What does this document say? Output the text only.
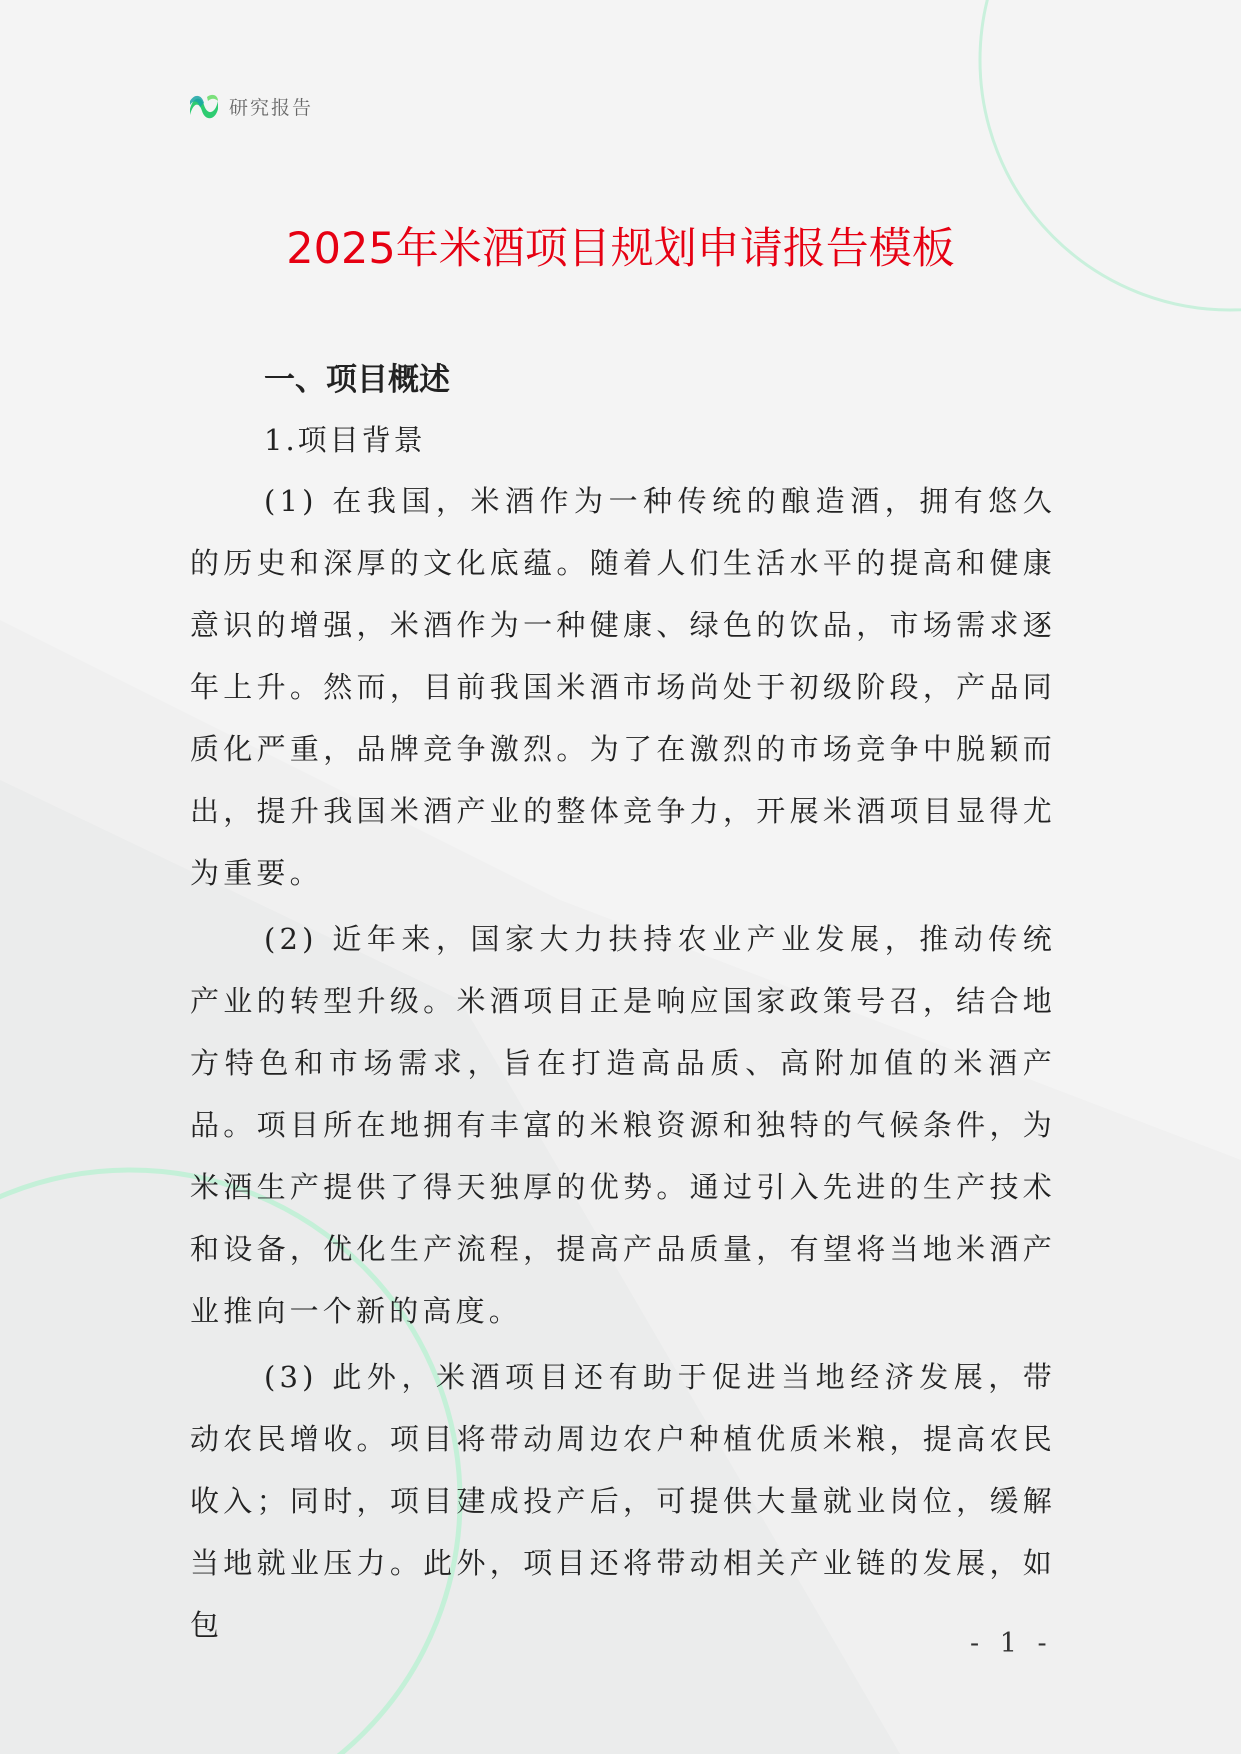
研究报告
2025年米酒项目规划申请报告模板
一、项目概述
1.项目背景

(1) 在我国，米酒作为一种传统的酿造酒，拥有悠久的历史和深厚的文化底蕴。随着人们生活水平的提高和健康意识的增强，米酒作为一种健康、绿色的饮品，市场需求逐年上升。然而，目前我国米酒市场尚处于初级阶段，产品同质化严重，品牌竞争激烈。为了在激烈的市场竞争中脱颖而出，提升我国米酒产业的整体竞争力，开展米酒项目显得尤为重要。

(2) 近年来，国家大力扶持农业产业发展，推动传统产业的转型升级。米酒项目正是响应国家政策号召，结合地方特色和市场需求，旨在打造高品质、高附加值的米酒产品。项目所在地拥有丰富的米粮资源和独特的气候条件，为米酒生产提供了得天独厚的优势。通过引入先进的生产技术和设备，优化生产流程，提高产品质量，有望将当地米酒产业推向一个新的高度。

(3) 此外，米酒项目还有助于促进当地经济发展，带动农民增收。项目将带动周边农户种植优质米粮，提高农民收入；同时，项目建成投产后，可提供大量就业岗位，缓解当地就业压力。此外，项目还将带动相关产业链的发展，如包

- 1 -
